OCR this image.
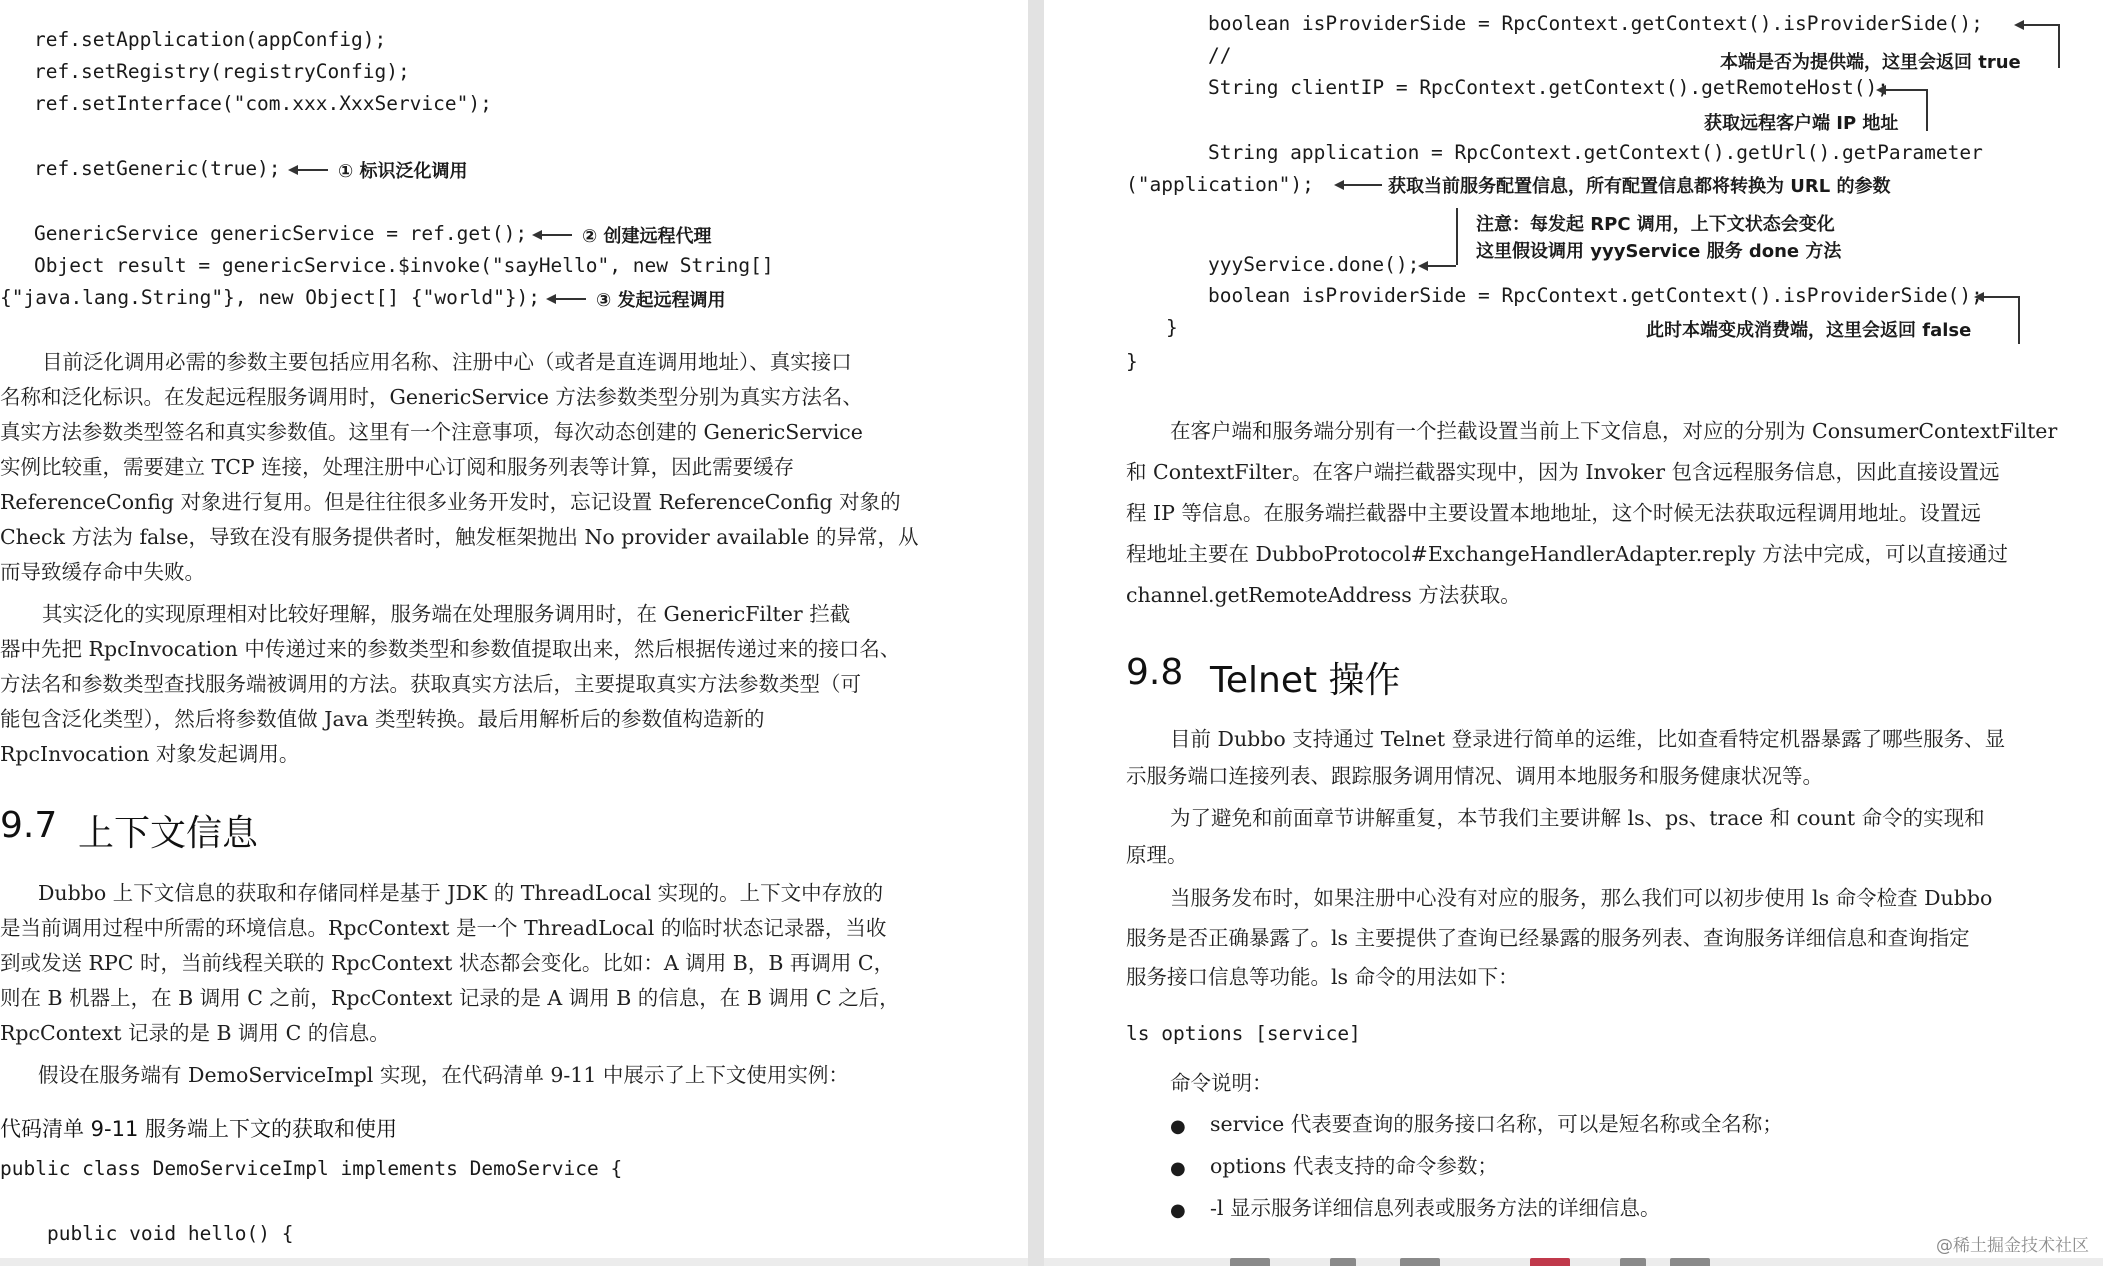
ref.setApplication(appConfig);
ref.setRegistry(registryConfig);
ref.setInterface("com.xxx.XxxService");
ref.setGeneric(true);
GenericService genericService = ref.get();
Object result = genericService.$invoke("sayHello", new String[]
{"java.lang.String"}, new Object[] {"world"});
① 标识泛化调用
② 创建远程代理
③ 发起远程调用
目前泛化调用必需的参数主要包括应用名称、注册中心（或者是直连调用地址）、真实接口
名称和泛化标识。在发起远程服务调用时，GenericService 方法参数类型分别为真实方法名、
真实方法参数类型签名和真实参数值。这里有一个注意事项，每次动态创建的 GenericService
实例比较重，需要建立 TCP 连接，处理注册中心订阅和服务列表等计算，因此需要缓存
ReferenceConfig 对象进行复用。但是往往很多业务开发时，忘记设置 ReferenceConfig 对象的
Check 方法为 false，导致在没有服务提供者时，触发框架抛出 No provider available 的异常，从
而导致缓存命中失败。
其实泛化的实现原理相对比较好理解，服务端在处理服务调用时，在 GenericFilter 拦截
器中先把 RpcInvocation 中传递过来的参数类型和参数值提取出来，然后根据传递过来的接口名、
方法名和参数类型查找服务端被调用的方法。获取真实方法后，主要提取真实方法参数类型（可
能包含泛化类型），然后将参数值做 Java 类型转换。最后用解析后的参数值构造新的
RpcInvocation 对象发起调用。
9.7 上下文信息
Dubbo 上下文信息的获取和存储同样是基于 JDK 的 ThreadLocal 实现的。上下文中存放的
是当前调用过程中所需的环境信息。RpcContext 是一个 ThreadLocal 的临时状态记录器，当收
到或发送 RPC 时，当前线程关联的 RpcContext 状态都会变化。比如：A 调用 B，B 再调用 C，
则在 B 机器上，在 B 调用 C 之前，RpcContext 记录的是 A 调用 B 的信息，在 B 调用 C 之后，
RpcContext 记录的是 B 调用 C 的信息。
假设在服务端有 DemoServiceImpl 实现，在代码清单 9-11 中展示了上下文使用实例：
代码清单 9-11 服务端上下文的获取和使用
public class DemoServiceImpl implements DemoService {
public void hello() {
boolean isProviderSide = RpcContext.getContext().isProviderSide();
//
String clientIP = RpcContext.getContext().getRemoteHost();
String application = RpcContext.getContext().getUrl().getParameter
("application");
yyyService.done();
boolean isProviderSide = RpcContext.getContext().isProviderSide();
}
}
本端是否为提供端，这里会返回 true
获取远程客户端 IP 地址
获取当前服务配置信息，所有配置信息都将转换为 URL 的参数
注意：每发起 RPC 调用，上下文状态会变化
这里假设调用 yyyService 服务 done 方法
此时本端变成消费端，这里会返回 false
在客户端和服务端分别有一个拦截设置当前上下文信息，对应的分别为 ConsumerContextFilter
和 ContextFilter。在客户端拦截器实现中，因为 Invoker 包含远程服务信息，因此直接设置远
程 IP 等信息。在服务端拦截器中主要设置本地地址，这个时候无法获取远程调用地址。设置远
程地址主要在 DubboProtocol#ExchangeHandlerAdapter.reply 方法中完成，可以直接通过
channel.getRemoteAddress 方法获取。
9.8 Telnet 操作
目前 Dubbo 支持通过 Telnet 登录进行简单的运维，比如查看特定机器暴露了哪些服务、显
示服务端口连接列表、跟踪服务调用情况、调用本地服务和服务健康状况等。
为了避免和前面章节讲解重复，本节我们主要讲解 ls、ps、trace 和 count 命令的实现和
原理。
当服务发布时，如果注册中心没有对应的服务，那么我们可以初步使用 ls 命令检查 Dubbo
服务是否正确暴露了。ls 主要提供了查询已经暴露的服务列表、查询服务详细信息和查询指定
服务接口信息等功能。ls 命令的用法如下：
ls options [service]
命令说明：
● service 代表要查询的服务接口名称，可以是短名称或全名称；
● options 代表支持的命令参数；
● -l 显示服务详细信息列表或服务方法的详细信息。
@稀土掘金技术社区
